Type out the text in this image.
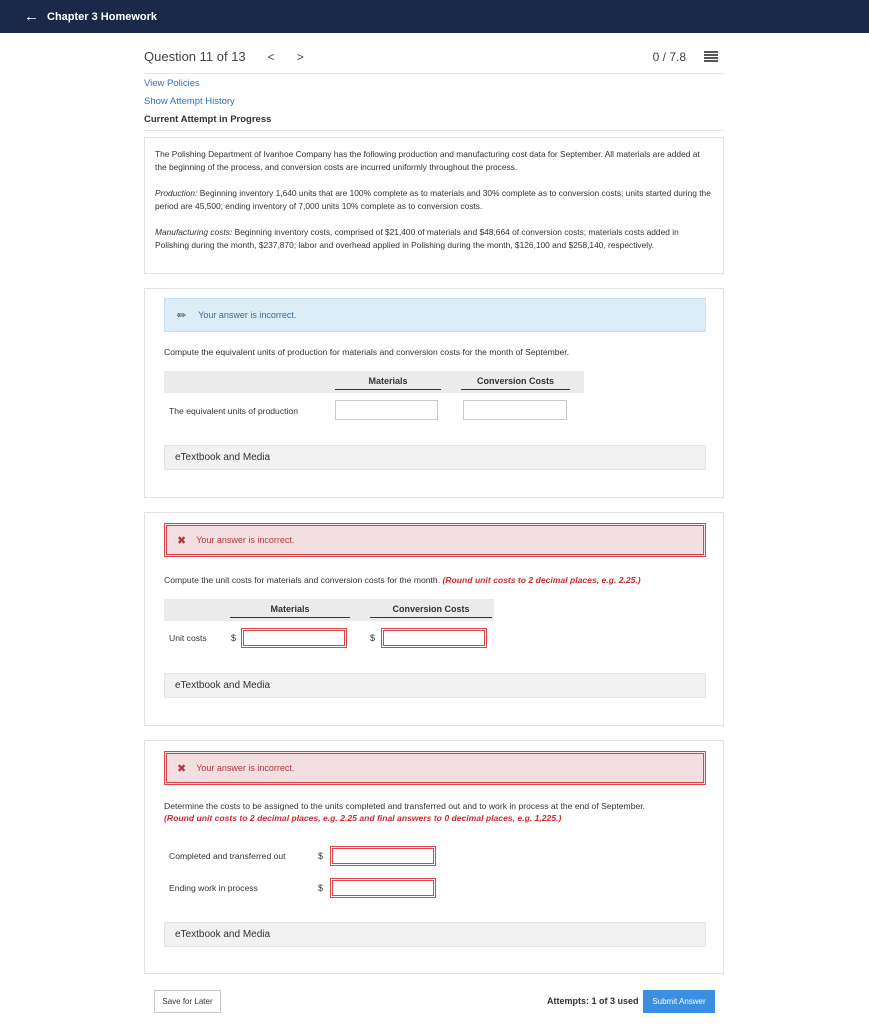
← Chapter 3 Homework
Question 11 of 13 < >	0 / 7.8
View Policies
Show Attempt History
Current Attempt in Progress

The Polishing Department of Ivanhoe Company has the following production and manufacturing cost data for September. All materials are added at the beginning of the process, and conversion costs are incurred uniformly throughout the process.

Production: Beginning inventory 1,640 units that are 100% complete as to materials and 30% complete as to conversion costs; units started during the period are 45,500; ending inventory of 7,000 units 10% complete as to conversion costs.

Manufacturing costs: Beginning inventory costs, comprised of $21,400 of materials and $48,664 of conversion costs; materials costs added in Polishing during the month, $237,870; labor and overhead applied in Polishing during the month, $126,100 and $258,140, respectively.

✏ Your answer is incorrect.
Compute the equivalent units of production for materials and conversion costs for the month of September.
Materials	Conversion Costs
The equivalent units of production
eTextbook and Media
✖ Your answer is incorrect.
Compute the unit costs for materials and conversion costs for the month. (Round unit costs to 2 decimal places, e.g. 2.25.)
Materials	Conversion Costs
Unit costs	$	$
eTextbook and Media
✖ Your answer is incorrect.
Determine the costs to be assigned to the units completed and transferred out and to work in process at the end of September.
(Round unit costs to 2 decimal places, e.g. 2.25 and final answers to 0 decimal places, e.g. 1,225.)
Completed and transferred out	$
Ending work in process	$
eTextbook and Media
Save for Later	Attempts: 1 of 3 used	Submit Answer
